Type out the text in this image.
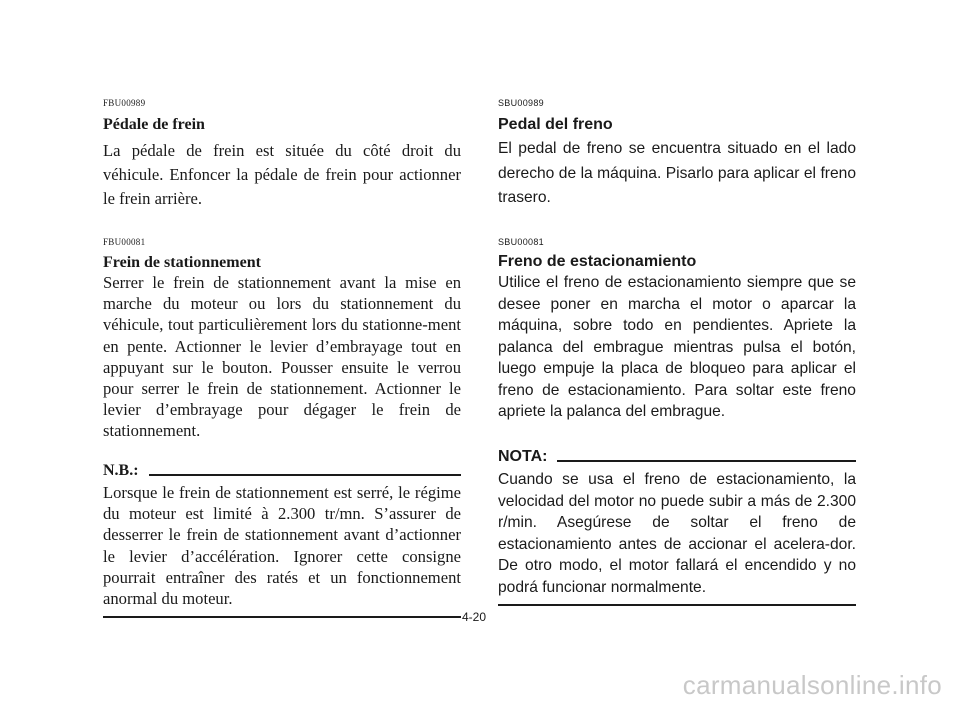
FBU00989
Pédale de frein

La pédale de frein est située du côté droit du véhicule. Enfoncer la pédale de frein pour actionner le frein arrière.

FBU00081
Frein de stationnement

Serrer le frein de stationnement avant la mise en marche du moteur ou lors du stationnement du véhicule, tout particulièrement lors du stationne-ment en pente. Actionner le levier d’embrayage tout en appuyant sur le bouton. Pousser ensuite le verrou pour serrer le frein de stationnement. Actionner le levier d’embrayage pour dégager le frein de stationnement.

N.B.:

Lorsque le frein de stationnement est serré, le régime du moteur est limité à 2.300 tr/mn. S’assurer de desserrer le frein de stationnement avant d’actionner le levier d’accélération. Ignorer cette consigne pourrait entraîner des ratés et un fonctionnement anormal du moteur.

SBU00989
Pedal del freno

El pedal de freno se encuentra situado en el lado derecho de la máquina. Pisarlo para aplicar el freno trasero.

SBU00081
Freno de estacionamiento

Utilice el freno de estacionamiento siempre que se desee poner en marcha el motor o aparcar la máquina, sobre todo en pendientes. Apriete la palanca del embrague mientras pulsa el botón, luego empuje la placa de bloqueo para aplicar el freno de estacionamiento. Para soltar este freno apriete la palanca del embrague.

NOTA:

Cuando se usa el freno de estacionamiento, la velocidad del motor no puede subir a más de 2.300 r/min. Asegúrese de soltar el freno de estacionamiento antes de accionar el acelera-dor. De otro modo, el motor fallará el encendido y no podrá funcionar normalmente.

4-20
carmanualsonline.info
